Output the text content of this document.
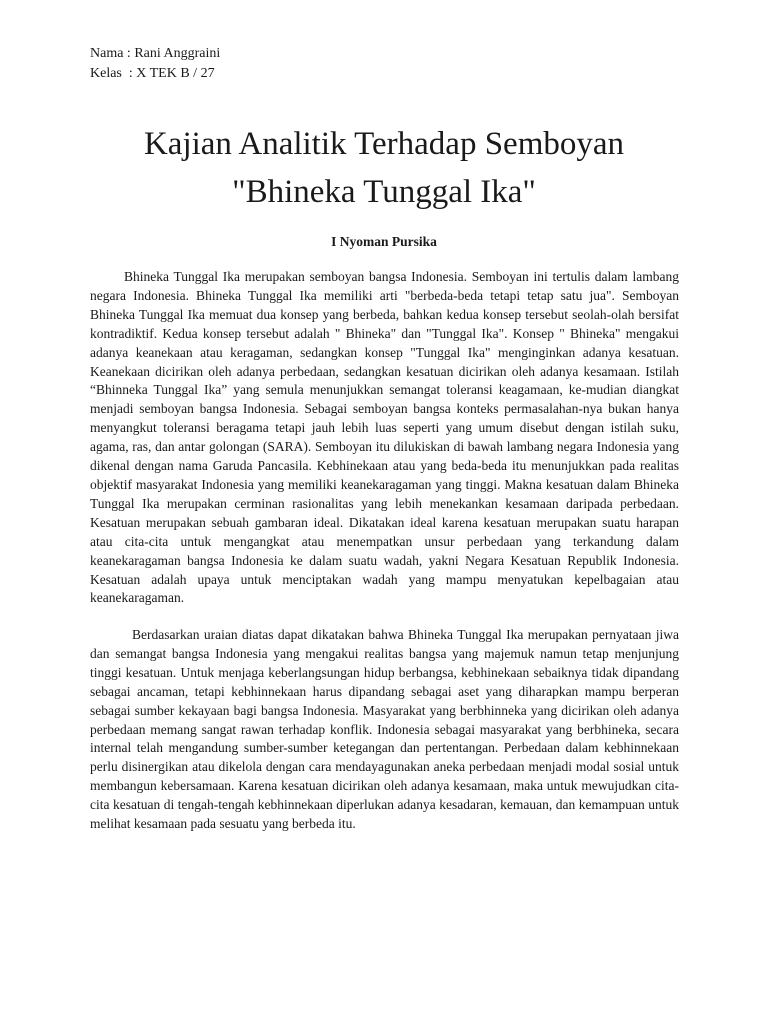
Nama : Rani Anggraini
Kelas  : X TEK B / 27
Kajian Analitik Terhadap Semboyan
"Bhineka Tunggal Ika"
I Nyoman Pursika

Bhineka Tunggal Ika merupakan semboyan bangsa Indonesia. Semboyan ini tertulis dalam lambang negara Indonesia. Bhineka Tunggal Ika memiliki arti "berbeda-beda tetapi tetap satu jua". Semboyan Bhineka Tunggal Ika memuat dua konsep yang berbeda, bahkan kedua konsep tersebut seolah-olah bersifat kontradiktif. Kedua konsep tersebut adalah " Bhineka" dan "Tunggal Ika". Konsep " Bhineka" mengakui adanya keanekaan atau keragaman, sedangkan konsep "Tunggal Ika" menginginkan adanya kesatuan. Keanekaan dicirikan oleh adanya perbedaan, sedangkan kesatuan dicirikan oleh adanya kesamaan. Istilah “Bhinneka Tunggal Ika” yang semula menunjukkan semangat toleransi keagamaan, ke-mudian diangkat menjadi semboyan bangsa Indonesia. Sebagai semboyan bangsa konteks permasalahan-nya bukan hanya menyangkut toleransi beragama tetapi jauh lebih luas seperti yang umum disebut dengan istilah suku, agama, ras, dan antar golongan (SARA). Semboyan itu dilukiskan di bawah lambang negara Indonesia yang dikenal dengan nama Garuda Pancasila. Kebhinekaan atau yang beda-beda itu menunjukkan pada realitas objektif masyarakat Indonesia yang memiliki keanekaragaman yang tinggi. Makna kesatuan dalam Bhineka Tunggal Ika merupakan cerminan rasionalitas yang lebih menekankan kesamaan daripada perbedaan. Kesatuan merupakan sebuah gambaran ideal. Dikatakan ideal karena kesatuan merupakan suatu harapan atau cita-cita untuk mengangkat atau menempatkan unsur perbedaan yang terkandung dalam keanekaragaman bangsa Indonesia ke dalam suatu wadah, yakni Negara Kesatuan Republik Indonesia. Kesatuan adalah upaya untuk menciptakan wadah yang mampu menyatukan kepelbagaian atau keanekaragaman.

Berdasarkan uraian diatas dapat dikatakan bahwa Bhineka Tunggal Ika merupakan pernyataan jiwa dan semangat bangsa Indonesia yang mengakui realitas bangsa yang majemuk namun tetap menjunjung tinggi kesatuan. Untuk menjaga keberlangsungan hidup berbangsa, kebhinekaan sebaiknya tidak dipandang sebagai ancaman, tetapi kebhinnekaan harus dipandang sebagai aset yang diharapkan mampu berperan sebagai sumber kekayaan bagi bangsa Indonesia. Masyarakat yang berbhinneka yang dicirikan oleh adanya perbedaan memang sangat rawan terhadap konflik. Indonesia sebagai masyarakat yang berbhineka, secara internal telah mengandung sumber-sumber ketegangan dan pertentangan. Perbedaan dalam kebhinnekaan perlu disinergikan atau dikelola dengan cara mendayagunakan aneka perbedaan menjadi modal sosial untuk membangun kebersamaan. Karena kesatuan dicirikan oleh adanya kesamaan, maka untuk mewujudkan cita-cita kesatuan di tengah-tengah kebhinnekaan diperlukan adanya kesadaran, kemauan, dan kemampuan untuk melihat kesamaan pada sesuatu yang berbeda itu.
